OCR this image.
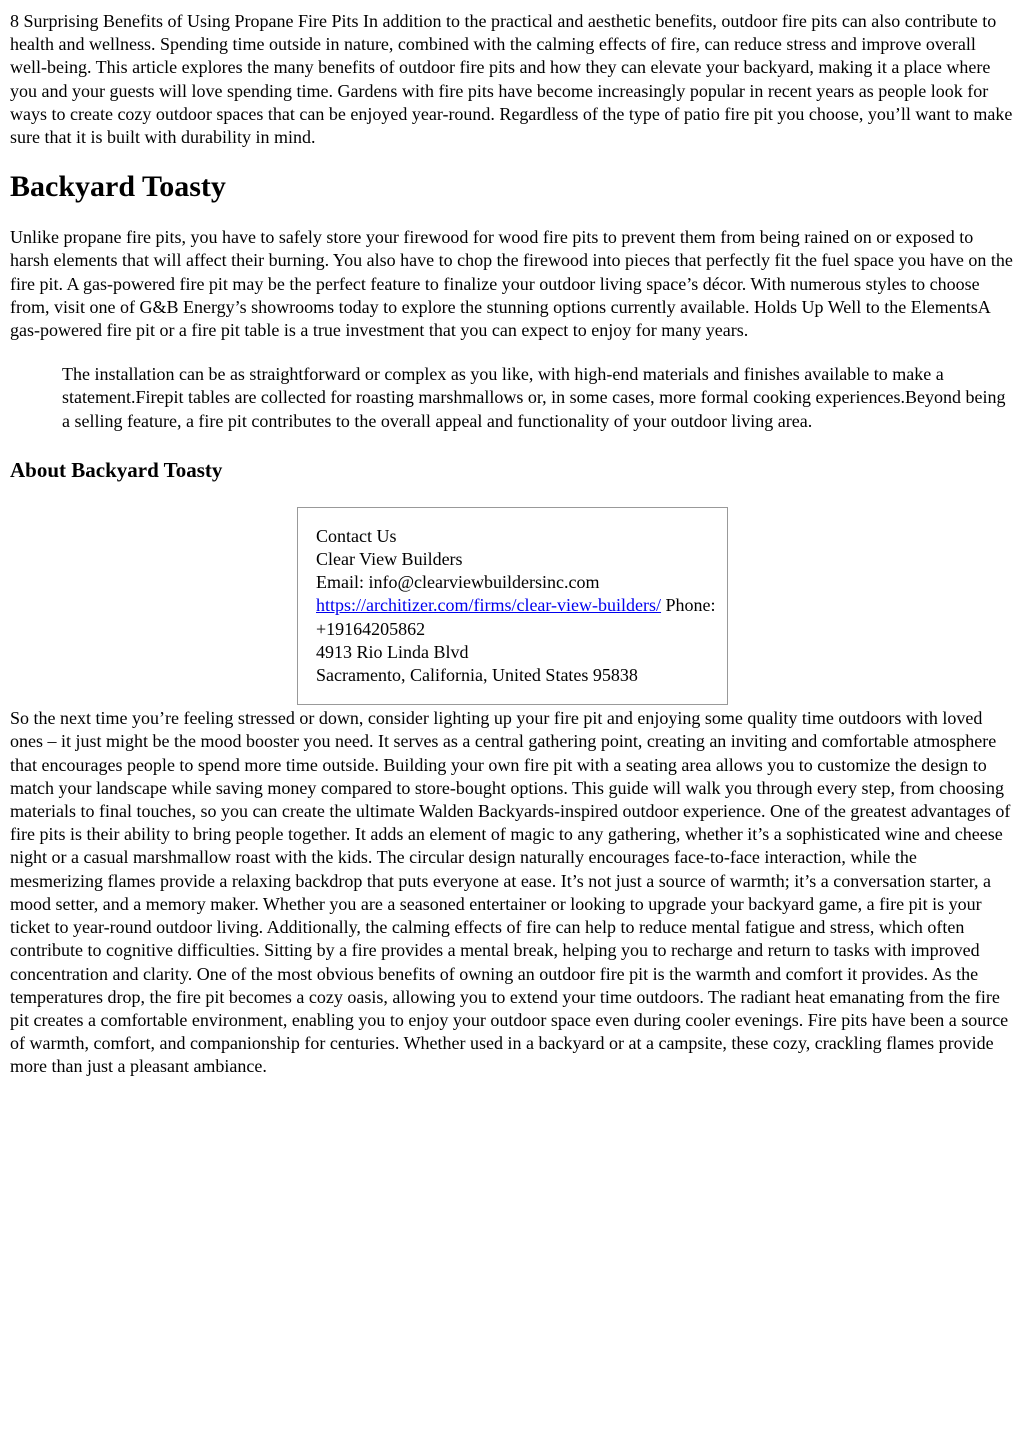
8 Surprising Benefits of Using Propane Fire Pits In addition to the practical and aesthetic benefits, outdoor fire pits can also contribute to health and wellness. Spending time outside in nature, combined with the calming effects of fire, can reduce stress and improve overall well-being. This article explores the many benefits of outdoor fire pits and how they can elevate your backyard, making it a place where you and your guests will love spending time. Gardens with fire pits have become increasingly popular in recent years as people look for ways to create cozy outdoor spaces that can be enjoyed year-round. Regardless of the type of patio fire pit you choose, you’ll want to make sure that it is built with durability in mind.

Backyard Toasty

Unlike propane fire pits, you have to safely store your firewood for wood fire pits to prevent them from being rained on or exposed to harsh elements that will affect their burning. You also have to chop the firewood into pieces that perfectly fit the fuel space you have on the fire pit. A gas-powered fire pit may be the perfect feature to finalize your outdoor living space’s décor. With numerous styles to choose from, visit one of G&B Energy’s showrooms today to explore the stunning options currently available. Holds Up Well to the ElementsA gas-powered fire pit or a fire pit table is a true investment that you can expect to enjoy for many years.

The installation can be as straightforward or complex as you like, with high-end materials and finishes available to make a statement.Firepit tables are collected for roasting marshmallows or, in some cases, more formal cooking experiences.Beyond being a selling feature, a fire pit contributes to the overall appeal and functionality of your outdoor living area.
About Backyard Toasty
Contact Us
Clear View Builders
Email: info@clearviewbuildersinc.com
https://architizer.com/firms/clear-view-builders/ Phone: +19164205862
4913 Rio Linda Blvd
Sacramento, California, United States 95838

So the next time you’re feeling stressed or down, consider lighting up your fire pit and enjoying some quality time outdoors with loved ones – it just might be the mood booster you need. It serves as a central gathering point, creating an inviting and comfortable atmosphere that encourages people to spend more time outside. Building your own fire pit with a seating area allows you to customize the design to match your landscape while saving money compared to store-bought options. This guide will walk you through every step, from choosing materials to final touches, so you can create the ultimate Walden Backyards-inspired outdoor experience. One of the greatest advantages of fire pits is their ability to bring people together. It adds an element of magic to any gathering, whether it’s a sophisticated wine and cheese night or a casual marshmallow roast with the kids. The circular design naturally encourages face-to-face interaction, while the mesmerizing flames provide a relaxing backdrop that puts everyone at ease. It’s not just a source of warmth; it’s a conversation starter, a mood setter, and a memory maker. Whether you are a seasoned entertainer or looking to upgrade your backyard game, a fire pit is your ticket to year-round outdoor living. Additionally, the calming effects of fire can help to reduce mental fatigue and stress, which often contribute to cognitive difficulties. Sitting by a fire provides a mental break, helping you to recharge and return to tasks with improved concentration and clarity. One of the most obvious benefits of owning an outdoor fire pit is the warmth and comfort it provides. As the temperatures drop, the fire pit becomes a cozy oasis, allowing you to extend your time outdoors. The radiant heat emanating from the fire pit creates a comfortable environment, enabling you to enjoy your outdoor space even during cooler evenings. Fire pits have been a source of warmth, comfort, and companionship for centuries. Whether used in a backyard or at a campsite, these cozy, crackling flames provide more than just a pleasant ambiance.
